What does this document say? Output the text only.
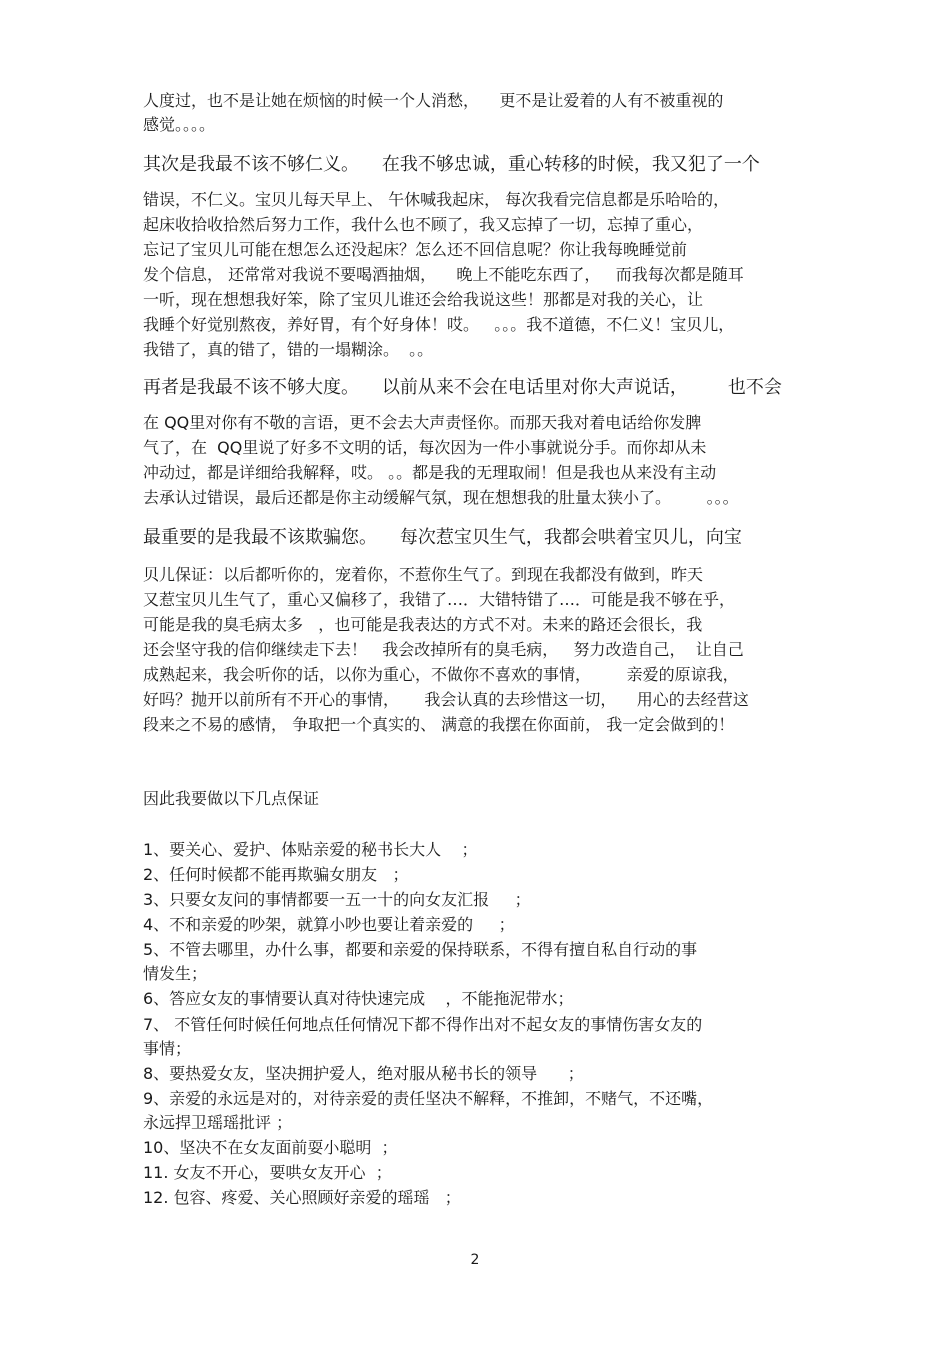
人度过，也不是让她在烦恼的时候一个人消愁，    更不是让爱着的人有不被重视的
感觉。。。。
其次是我最不该不够仁义。    在我不够忠诚，重心转移的时候，我又犯了一个
错误，不仁义。宝贝儿每天早上、 午休喊我起床， 每次我看完信息都是乐哈哈的，
起床收拾收拾然后努力工作，我什么也不顾了，我又忘掉了一切，忘掉了重心，
忘记了宝贝儿可能在想怎么还没起床？怎么还不回信息呢？你让我每晚睡觉前
发个信息， 还常常对我说不要喝酒抽烟，    晚上不能吃东西了，   而我每次都是随耳
一听，现在想想我好笨，除了宝贝儿谁还会给我说这些！那都是对我的关心，让
我睡个好觉别熬夜，养好胃，有个好身体！哎。   。。。我不道德，不仁义！宝贝儿，
我错了，真的错了，错的一塌糊涂。  。。
再者是我最不该不够大度。    以前从来不会在电话里对你大声说话，       也不会
在 QQ里对你有不敬的言语，更不会去大声责怪你。而那天我对着电话给你发脾
气了，在  QQ里说了好多不文明的话，每次因为一件小事就说分手。而你却从未
冲动过，都是详细给我解释，哎。 。。都是我的无理取闹！但是我也从来没有主动
去承认过错误，最后还都是你主动缓解气氛，现在想想我的肚量太狭小了。       。。。
最重要的是我最不该欺骗您。    每次惹宝贝生气，我都会哄着宝贝儿，向宝
贝儿保证：以后都听你的，宠着你，不惹你生气了。到现在我都没有做到，昨天
又惹宝贝儿生气了，重心又偏移了，我错了…．大错特错了…．可能是我不够在乎，
可能是我的臭毛病太多   ，也可能是我表达的方式不对。未来的路还会很长，我
还会坚守我的信仰继续走下去！   我会改掉所有的臭毛病，   努力改造自己，  让自己
成熟起来，我会听你的话，以你为重心，不做你不喜欢的事情，       亲爱的原谅我，
好吗？抛开以前所有不开心的事情，     我会认真的去珍惜这一切，    用心的去经营这
段来之不易的感情， 争取把一个真实的、 满意的我摆在你面前， 我一定会做到的！
因此我要做以下几点保证
1、要关心、爱护、体贴亲爱的秘书长大人    ；
2、任何时候都不能再欺骗女朋友   ；
3、只要女友问的事情都要一五一十的向女友汇报     ；
4、不和亲爱的吵架，就算小吵也要让着亲爱的     ；
5、不管去哪里，办什么事，都要和亲爱的保持联系，不得有擅自私自行动的事
情发生；
6、答应女友的事情要认真对待快速完成    ，不能拖泥带水；
7、 不管任何时候任何地点任何情况下都不得作出对不起女友的事情伤害女友的
事情；
8、要热爱女友，坚决拥护爱人，绝对服从秘书长的领导      ；
9、亲爱的永远是对的，对待亲爱的责任坚决不解释，不推卸，不赌气，不还嘴，
永远捍卫瑶瑶批评 ；
10、坚决不在女友面前耍小聪明  ；
11. 女友不开心，要哄女友开心  ；
12. 包容、疼爱、关心照顾好亲爱的瑶瑶   ；
2
